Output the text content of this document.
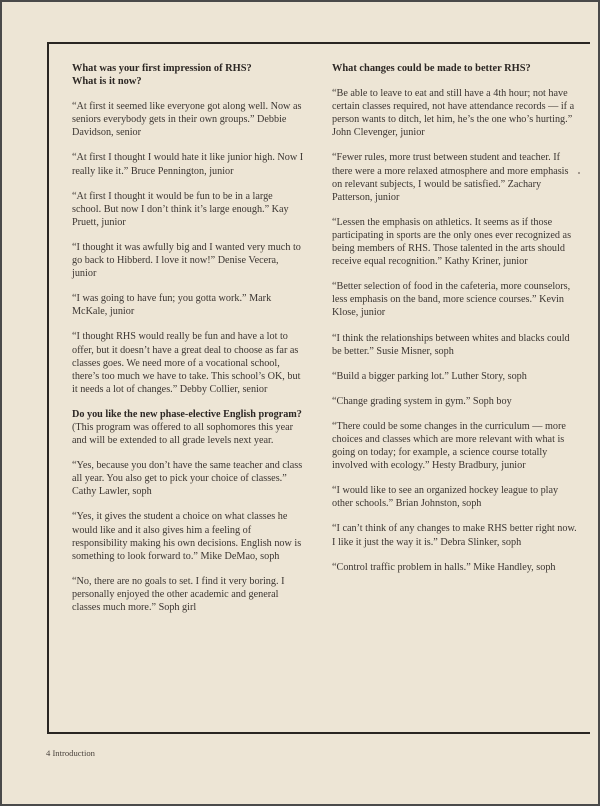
What was your first impression of RHS?
What is it now?

“At first it seemed like everyone got along well. Now as seniors everybody gets in their own groups.” Debbie Davidson, senior

“At first I thought I would hate it like junior high. Now I really like it.” Bruce Pennington, junior

“At first I thought it would be fun to be in a large school. But now I don’t think it’s large enough.” Kay Pruett, junior

“I thought it was awfully big and I wanted very much to go back to Hibberd. I love it now!” Denise Vecera, junior

“I was going to have fun; you gotta work.” Mark McKale, junior

“I thought RHS would really be fun and have a lot to offer, but it doesn’t have a great deal to choose as far as classes goes. We need more of a vocational school, there’s too much we have to take. This school’s OK, but it needs a lot of changes.” Debby Collier, senior

Do you like the new phase-elective English program? (This program was offered to all sophomores this year and will be extended to all grade levels next year.

“Yes, because you don’t have the same teacher and class all year. You also get to pick your choice of classes.” Cathy Lawler, soph

“Yes, it gives the student a choice on what classes he would like and it also gives him a feeling of responsibility making his own decisions. English now is something to look forward to.” Mike DeMao, soph

“No, there are no goals to set. I find it very boring. I personally enjoyed the other academic and general classes much more.” Soph girl

What changes could be made to better RHS?

“Be able to leave to eat and still have a 4th hour; not have certain classes required, not have attendance records — if a person wants to ditch, let him, he’s the one who’s hurting.” John Clevenger, junior

“Fewer rules, more trust between student and teacher. If there were a more relaxed atmosphere and more emphasis on relevant subjects, I would be satisfied.” Zachary Patterson, junior

“Lessen the emphasis on athletics. It seems as if those participating in sports are the only ones ever recognized as being members of RHS. Those talented in the arts should receive equal recognition.” Kathy Kriner, junior

“Better selection of food in the cafeteria, more counselors, less emphasis on the band, more science courses.” Kevin Klose, junior

“I think the relationships between whites and blacks could be better.” Susie Misner, soph

“Build a bigger parking lot.” Luther Story, soph

“Change grading system in gym.” Soph boy

“There could be some changes in the curriculum — more choices and classes which are more relevant with what is going on today; for example, a science course totally involved with ecology.” Hesty Bradbury, junior

“I would like to see an organized hockey league to play other schools.” Brian Johnston, soph

“I can’t think of any changes to make RHS better right now. I like it just the way it is.” Debra Slinker, soph

“Control traffic problem in halls.” Mike Handley, soph

4 Introduction
